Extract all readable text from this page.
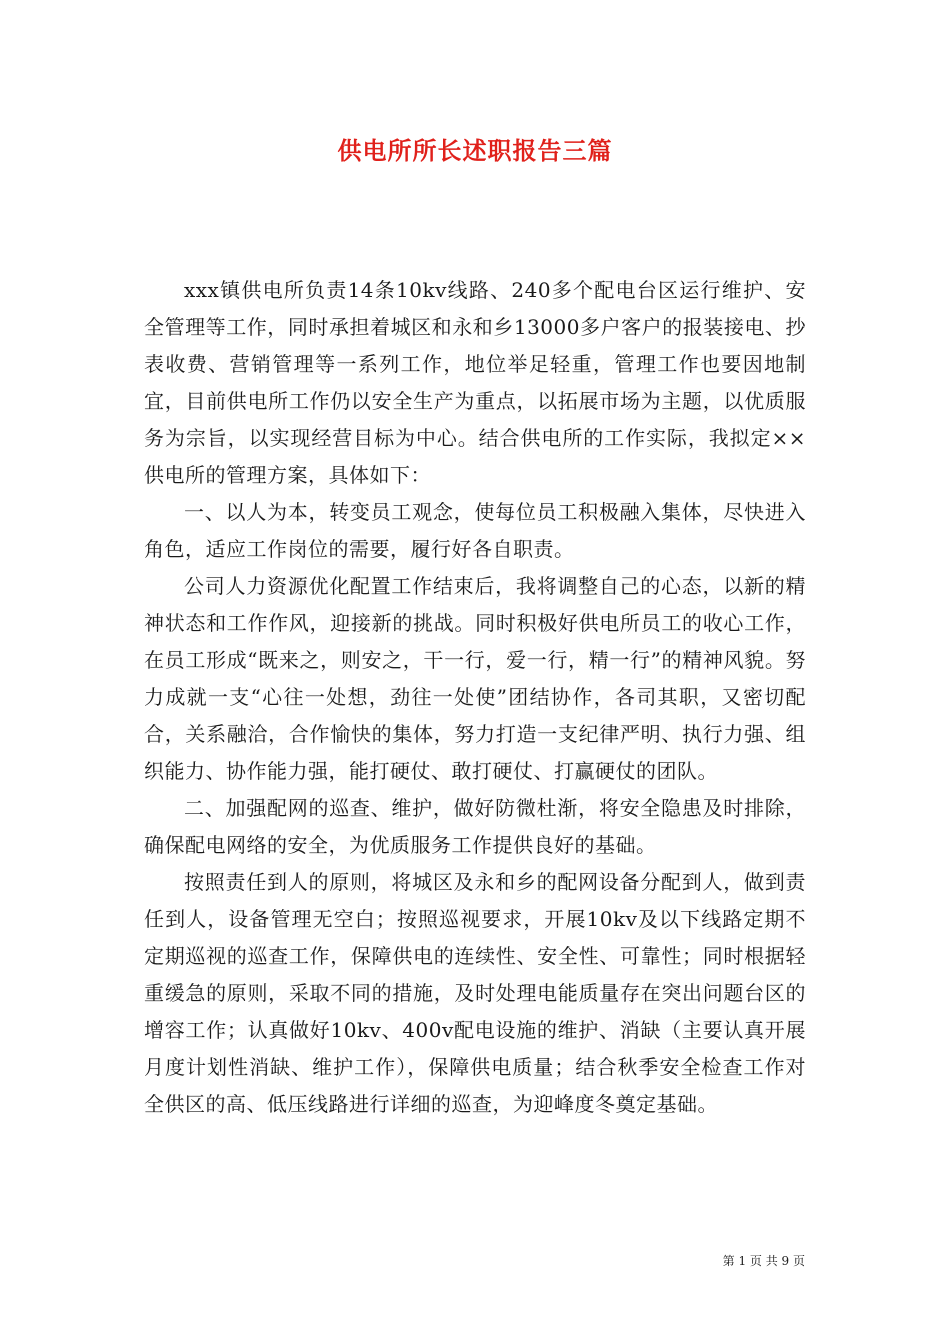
供电所所长述职报告三篇

xxx镇供电所负责14条10kv线路、240多个配电台区运行维护、安全管理等工作，同时承担着城区和永和乡13000多户客户的报装接电、抄表收费、营销管理等一系列工作，地位举足轻重，管理工作也要因地制宜，目前供电所工作仍以安全生产为重点，以拓展市场为主题，以优质服务为宗旨，以实现经营目标为中心。结合供电所的工作实际，我拟定××供电所的管理方案，具体如下：

一、以人为本，转变员工观念，使每位员工积极融入集体，尽快进入角色，适应工作岗位的需要，履行好各自职责。

公司人力资源优化配置工作结束后，我将调整自己的心态，以新的精神状态和工作作风，迎接新的挑战。同时积极好供电所员工的收心工作，在员工形成“既来之，则安之，干一行，爱一行，精一行”的精神风貌。努力成就一支“心往一处想，劲往一处使”团结协作，各司其职，又密切配合，关系融洽，合作愉快的集体，努力打造一支纪律严明、执行力强、组织能力、协作能力强，能打硬仗、敢打硬仗、打赢硬仗的团队。

二、加强配网的巡查、维护，做好防微杜渐，将安全隐患及时排除，确保配电网络的安全，为优质服务工作提供良好的基础。

按照责任到人的原则，将城区及永和乡的配网设备分配到人，做到责任到人，设备管理无空白；按照巡视要求，开展10kv及以下线路定期不定期巡视的巡查工作，保障供电的连续性、安全性、可靠性；同时根据轻重缓急的原则，采取不同的措施，及时处理电能质量存在突出问题台区的增容工作；认真做好10kv、400v配电设施的维护、消缺（主要认真开展月度计划性消缺、维护工作），保障供电质量；结合秋季安全检查工作对全供区的高、低压线路进行详细的巡查，为迎峰度冬奠定基础。

第 1 页 共 9 页
